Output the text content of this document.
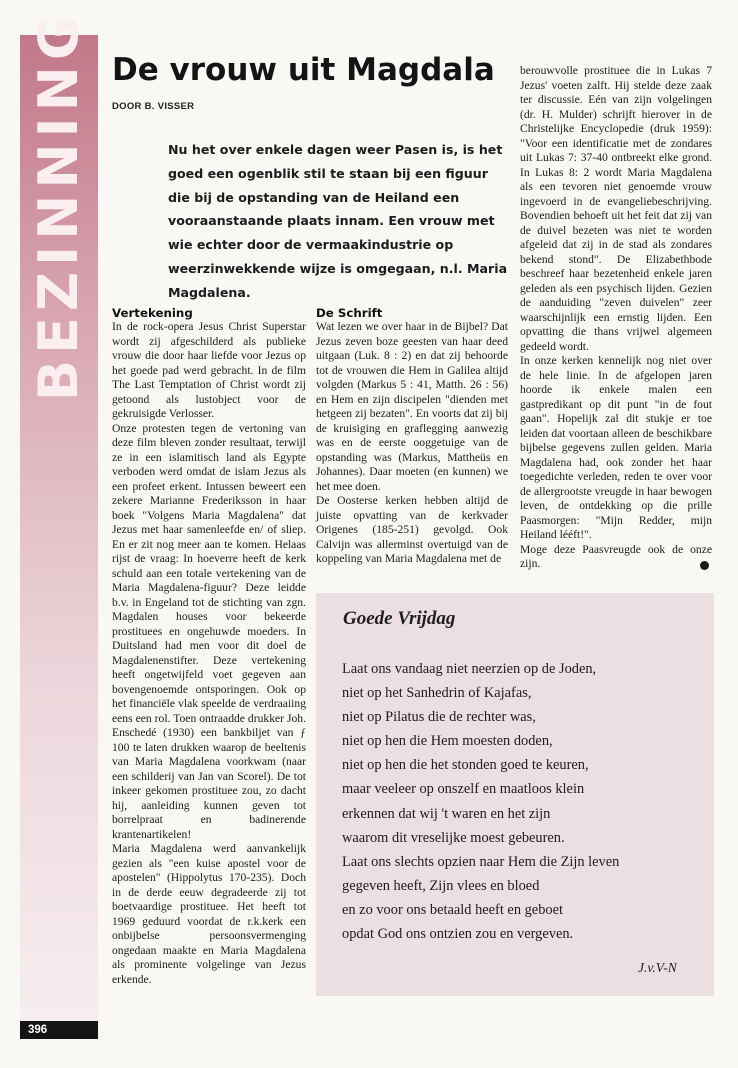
BEZINNING De vrouw uit Magdala
DOOR B. VISSER

Nu het over enkele dagen weer Pasen is, is het goed een ogenblik stil te staan bij een figuur die bij de opstanding van de Heiland een vooraanstaande plaats innam. Een vrouw met wie echter door de vermaakindustrie op weerzinwekkende wijze is omgegaan, n.l. Maria Magdalena.

Vertekening

In de rock-opera Jesus Christ Superstar wordt zij afgeschilderd als publieke vrouw die door haar liefde voor Jezus op het goede pad werd gebracht. In de film The Last Temptation of Christ wordt zij getoond als lustobject voor de gekruisigde Verlosser.

Onze protesten tegen de vertoning van deze film bleven zonder resultaat, terwijl ze in een islamitisch land als Egypte verboden werd omdat de islam Jezus als een profeet erkent. Intussen beweert een zekere Marianne Frederiksson in haar boek "Volgens Maria Magdalena" dat Jezus met haar samenleefde en/ of sliep. En er zit nog meer aan te komen. Helaas rijst de vraag: In hoeverre heeft de kerk schuld aan een totale vertekening van de Maria Magdalena-figuur? Deze leidde b.v. in Engeland tot de stichting van zgn. Magdalen houses voor bekeerde prostituees en ongehuwde moeders. In Duitsland had men voor dit doel de Magdalenenstifter. Deze vertekening heeft ongetwijfeld voet gegeven aan bovengenoemde ontsporingen. Ook op het financiële vlak speelde de verdraaiing eens een rol. Toen ontraadde drukker Joh. Enschedé (1930) een bankbiljet van ƒ 100 te laten drukken waarop de beeltenis van Maria Magdalena voorkwam (naar een schilderij van Jan van Scorel). De tot inkeer gekomen prostituee zou, zo dacht hij, aanleiding kunnen geven tot borrelpraat en badinerende krantenartikelen!

Maria Magdalena werd aanvankelijk gezien als "een kuise apostel voor de apostelen" (Hippolytus 170-235). Doch in de derde eeuw degradeerde zij tot boetvaardige prostituee. Het heeft tot 1969 geduurd voordat de r.k.kerk een onbijbelse persoonsvermenging ongedaan maakte en Maria Magdalena als prominente volgelinge van Jezus erkende.

De Schrift

Wat lezen we over haar in de Bijbel? Dat Jezus zeven boze geesten van haar deed uitgaan (Luk. 8 : 2) en dat zij behoorde tot de vrouwen die Hem in Galilea altijd volgden (Markus 5 : 41, Matth. 26 : 56) en Hem en zijn discipelen "dienden met hetgeen zij bezaten". En voorts dat zij bij de kruisiging en graflegging aanwezig was en de eerste ooggetuige van de opstanding was (Markus, Mattheüs en Johannes). Daar moeten (en kunnen) we het mee doen.

De Oosterse kerken hebben altijd de juiste opvatting van de kerkvader Origenes (185-251) gevolgd. Ook Calvijn was allerminst overtuigd van de koppeling van Maria Magdalena met de

berouwvolle prostituee die in Lukas 7 Jezus' voeten zalft. Hij stelde deze zaak ter discussie. Eén van zijn volgelingen (dr. H. Mulder) schrijft hierover in de Christelijke Encyclopedie (druk 1959): "Voor een identificatie met de zondares uit Lukas 7: 37-40 ontbreekt elke grond. In Lukas 8: 2 wordt Maria Magdalena als een tevoren niet genoemde vrouw ingevoerd in de evangeliebeschrijving. Bovendien behoeft uit het feit dat zij van de duivel bezeten was niet te worden afgeleid dat zij in de stad als zondares bekend stond". De Elizabethbode beschreef haar bezetenheid enkele jaren geleden als een psychisch lijden. Gezien de aanduiding "zeven duivelen" zeer waarschijnlijk een ernstig lijden. Een opvatting die thans vrijwel algemeen gedeeld wordt.

In onze kerken kennelijk nog niet over de hele linie. In de afgelopen jaren hoorde ik enkele malen een gastpredikant op dit punt "in de fout gaan". Hopelijk zal dit stukje er toe leiden dat voortaan alleen de beschikbare bijbelse gegevens zullen gelden. Maria Magdalena had, ook zonder het haar toegedichte verleden, reden te over voor de allergrootste vreugde in haar bewogen leven, de ontdekking op die prille Paasmorgen: "Mijn Redder, mijn Heiland lééft!".

Moge deze Paasvreugde ook de onze zijn.

Goede Vrijdag
Laat ons vandaag niet neerzien op de Joden,
niet op het Sanhedrin of Kajafas,
niet op Pilatus die de rechter was,
niet op hen die Hem moesten doden,
niet op hen die het stonden goed te keuren,
maar veeleer op onszelf en maatloos klein
erkennen dat wij 't waren en het zijn
waarom dit vreselijke moest gebeuren.
Laat ons slechts opzien naar Hem die Zijn leven
gegeven heeft, Zijn vlees en bloed
en zo voor ons betaald heeft en geboet
opdat God ons ontzien zou en vergeven.
J.v.V-N
396
